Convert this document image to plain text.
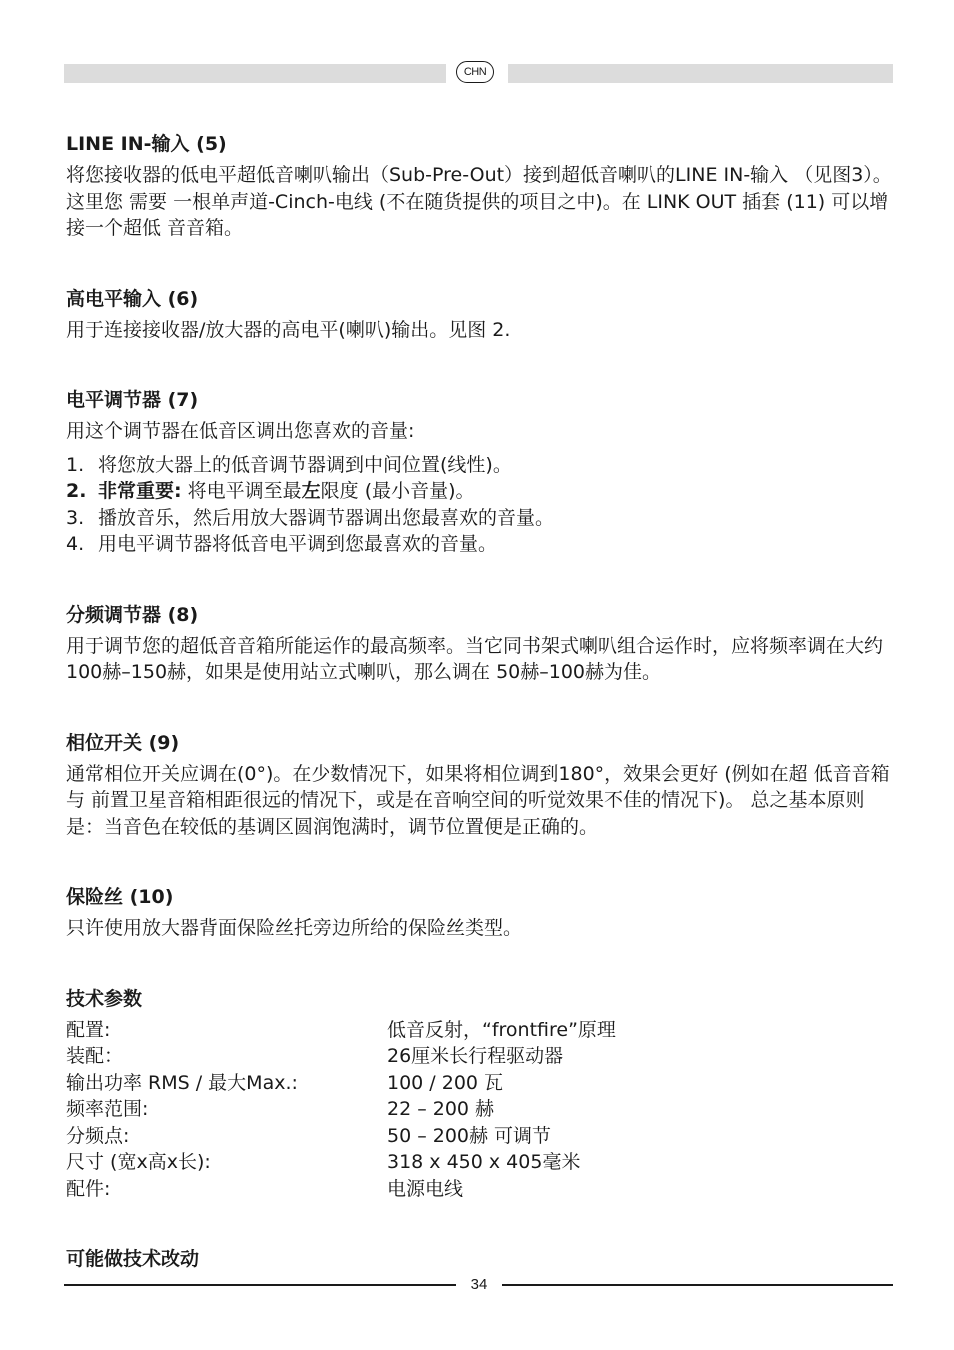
CHN
LINE IN-输入 (5)

将您接收器的低电平超低音喇叭输出（Sub-Pre-Out）接到超低音喇叭的LINE IN-输入 （见图3）。这里您 需要 一根单声道-Cinch-电线 (不在随货提供的项目之中)。在 LINK OUT 插套 (11) 可以增接一个超低 音音箱。

高电平输入 (6)

用于连接接收器/放大器的高电平(喇叭)输出。见图 2.

电平调节器 (7)

用这个调节器在低音区调出您喜欢的音量:

1. 将您放大器上的低音调节器调到中间位置(线性)。
2. 非常重要: 将电平调至最左限度 (最小音量)。
3. 播放音乐，然后用放大器调节器调出您最喜欢的音量。
4. 用电平调节器将低音电平调到您最喜欢的音量。
分频调节器 (8)

用于调节您的超低音音箱所能运作的最高频率。当它同书架式喇叭组合运作时，应将频率调在大约 100赫–150赫，如果是使用站立式喇叭，那么调在 50赫–100赫为佳。

相位开关 (9)

通常相位开关应调在(0°)。在少数情况下，如果将相位调到180°，效果会更好 (例如在超 低音音箱与 前置卫星音箱相距很远的情况下，或是在音响空间的听觉效果不佳的情况下)。 总之基本原则是：当音色在较低的基调区圆润饱满时，调节位置便是正确的。

保险丝 (10)

只许使用放大器背面保险丝托旁边所给的保险丝类型。

技术参数
配置:	低音反射，“frontfire”原理
装配：	26厘米长行程驱动器
输出功率 RMS / 最大Max.:	100 / 200 瓦
频率范围:	22 – 200 赫
分频点:	50 – 200赫 可调节
尺寸 (宽x高x长):	318 x 450 x 405毫米
配件:	电源电线
可能做技术改动
34
